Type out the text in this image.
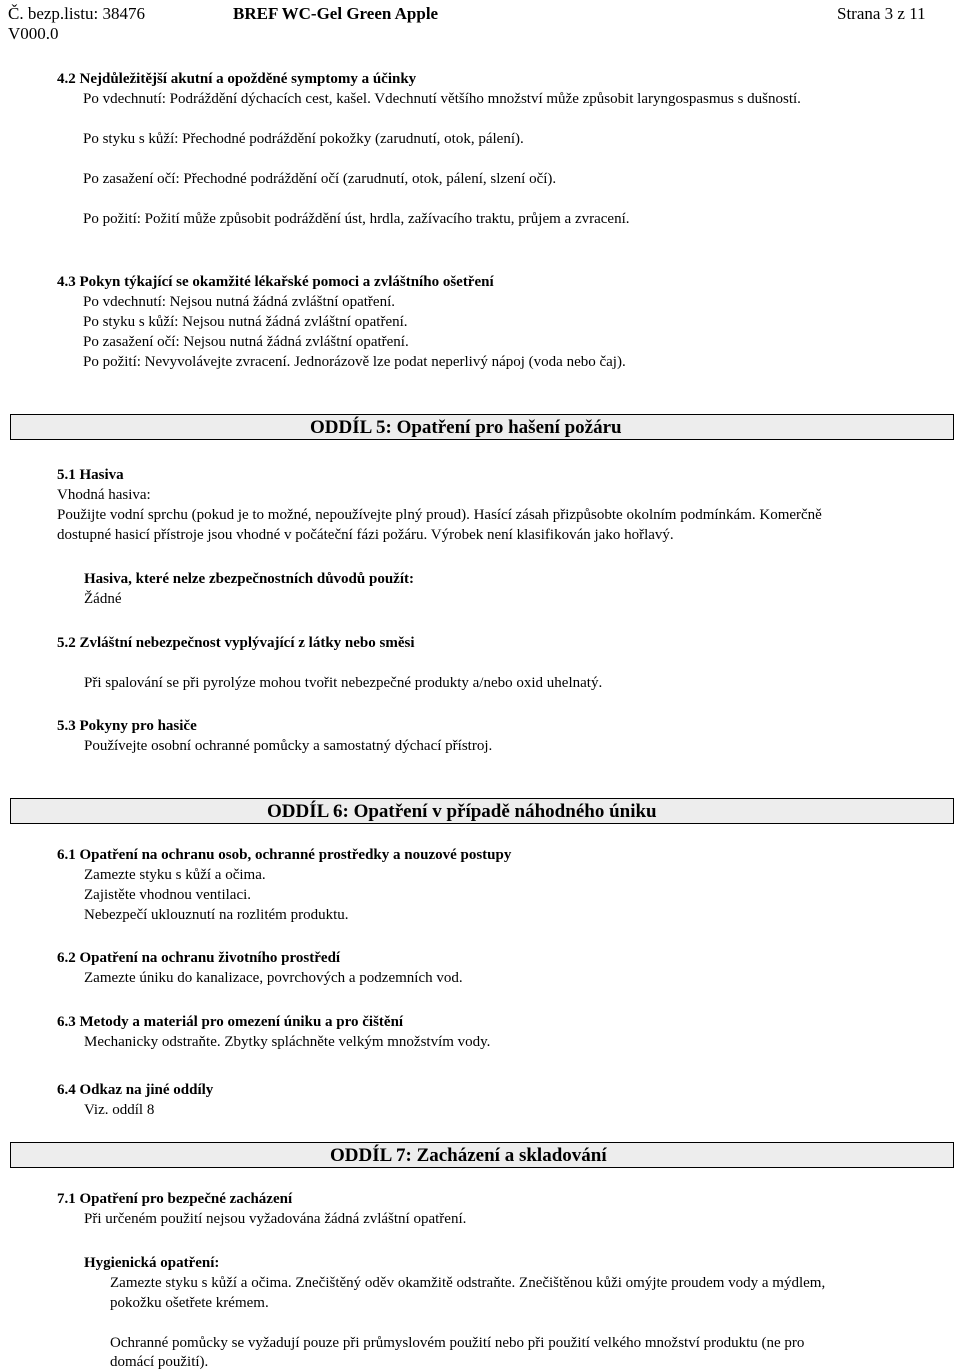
Č. bezp.listu: 38476
V000.0
BREF WC-Gel Green Apple	Strana 3 z 11
4.2 Nejdůležitější akutní a opožděné symptomy a účinky
Po vdechnutí: Podráždění dýchacích cest, kašel. Vdechnutí většího množství může způsobit laryngospasmus s dušností.
Po styku s kůží: Přechodné podráždění pokožky (zarudnutí, otok, pálení).
Po zasažení očí: Přechodné podráždění očí (zarudnutí, otok, pálení, slzení očí).
Po požití: Požití může způsobit podráždění úst, hrdla, zažívacího traktu, průjem a zvracení.
4.3 Pokyn týkající se okamžité lékařské pomoci a zvláštního ošetření
Po vdechnutí: Nejsou nutná žádná zvláštní opatření.
Po styku s kůží: Nejsou nutná žádná zvláštní opatření.
Po zasažení očí: Nejsou nutná žádná zvláštní opatření.
Po požití: Nevyvolávejte zvracení. Jednorázově lze podat neperlivý nápoj (voda nebo čaj).
ODDÍL 5: Opatření pro hašení požáru
5.1 Hasiva
Vhodná hasiva:
Použijte vodní sprchu (pokud je to možné, nepoužívejte plný proud). Hasící zásah přizpůsobte okolním podmínkám. Komerčně
dostupné hasicí přístroje jsou vhodné v počáteční fázi požáru. Výrobek není klasifikován jako hořlavý.
Hasiva, které nelze zbezpečnostních důvodů použít:
Žádné
5.2 Zvláštní nebezpečnost vyplývající z látky nebo směsi
Při spalování se při pyrolýze mohou tvořit nebezpečné produkty a/nebo oxid uhelnatý.
5.3 Pokyny pro hasiče
Používejte osobní ochranné pomůcky a samostatný dýchací přístroj.
ODDÍL 6: Opatření v případě náhodného úniku
6.1 Opatření na ochranu osob, ochranné prostředky a nouzové postupy
Zamezte styku s kůží a očima.
Zajistěte vhodnou ventilaci.
Nebezpečí uklouznutí na rozlitém produktu.
6.2 Opatření na ochranu životního prostředí
Zamezte úniku do kanalizace, povrchových a podzemních vod.
6.3 Metody a materiál pro omezení úniku a pro čištění
Mechanicky odstraňte. Zbytky spláchněte velkým množstvím vody.
6.4 Odkaz na jiné oddíly
Viz. oddíl 8
ODDÍL 7: Zacházení a skladování
7.1 Opatření pro bezpečné zacházení
Při určeném použití nejsou vyžadována žádná zvláštní opatření.
Hygienická opatření:
Zamezte styku s kůží a očima. Znečištěný oděv okamžitě odstraňte. Znečištěnou kůži omýjte proudem vody a mýdlem,
pokožku ošetřete krémem.
Ochranné pomůcky se vyžadují pouze při průmyslovém použití nebo při použití velkého množství produktu (ne pro
domácí použití).
